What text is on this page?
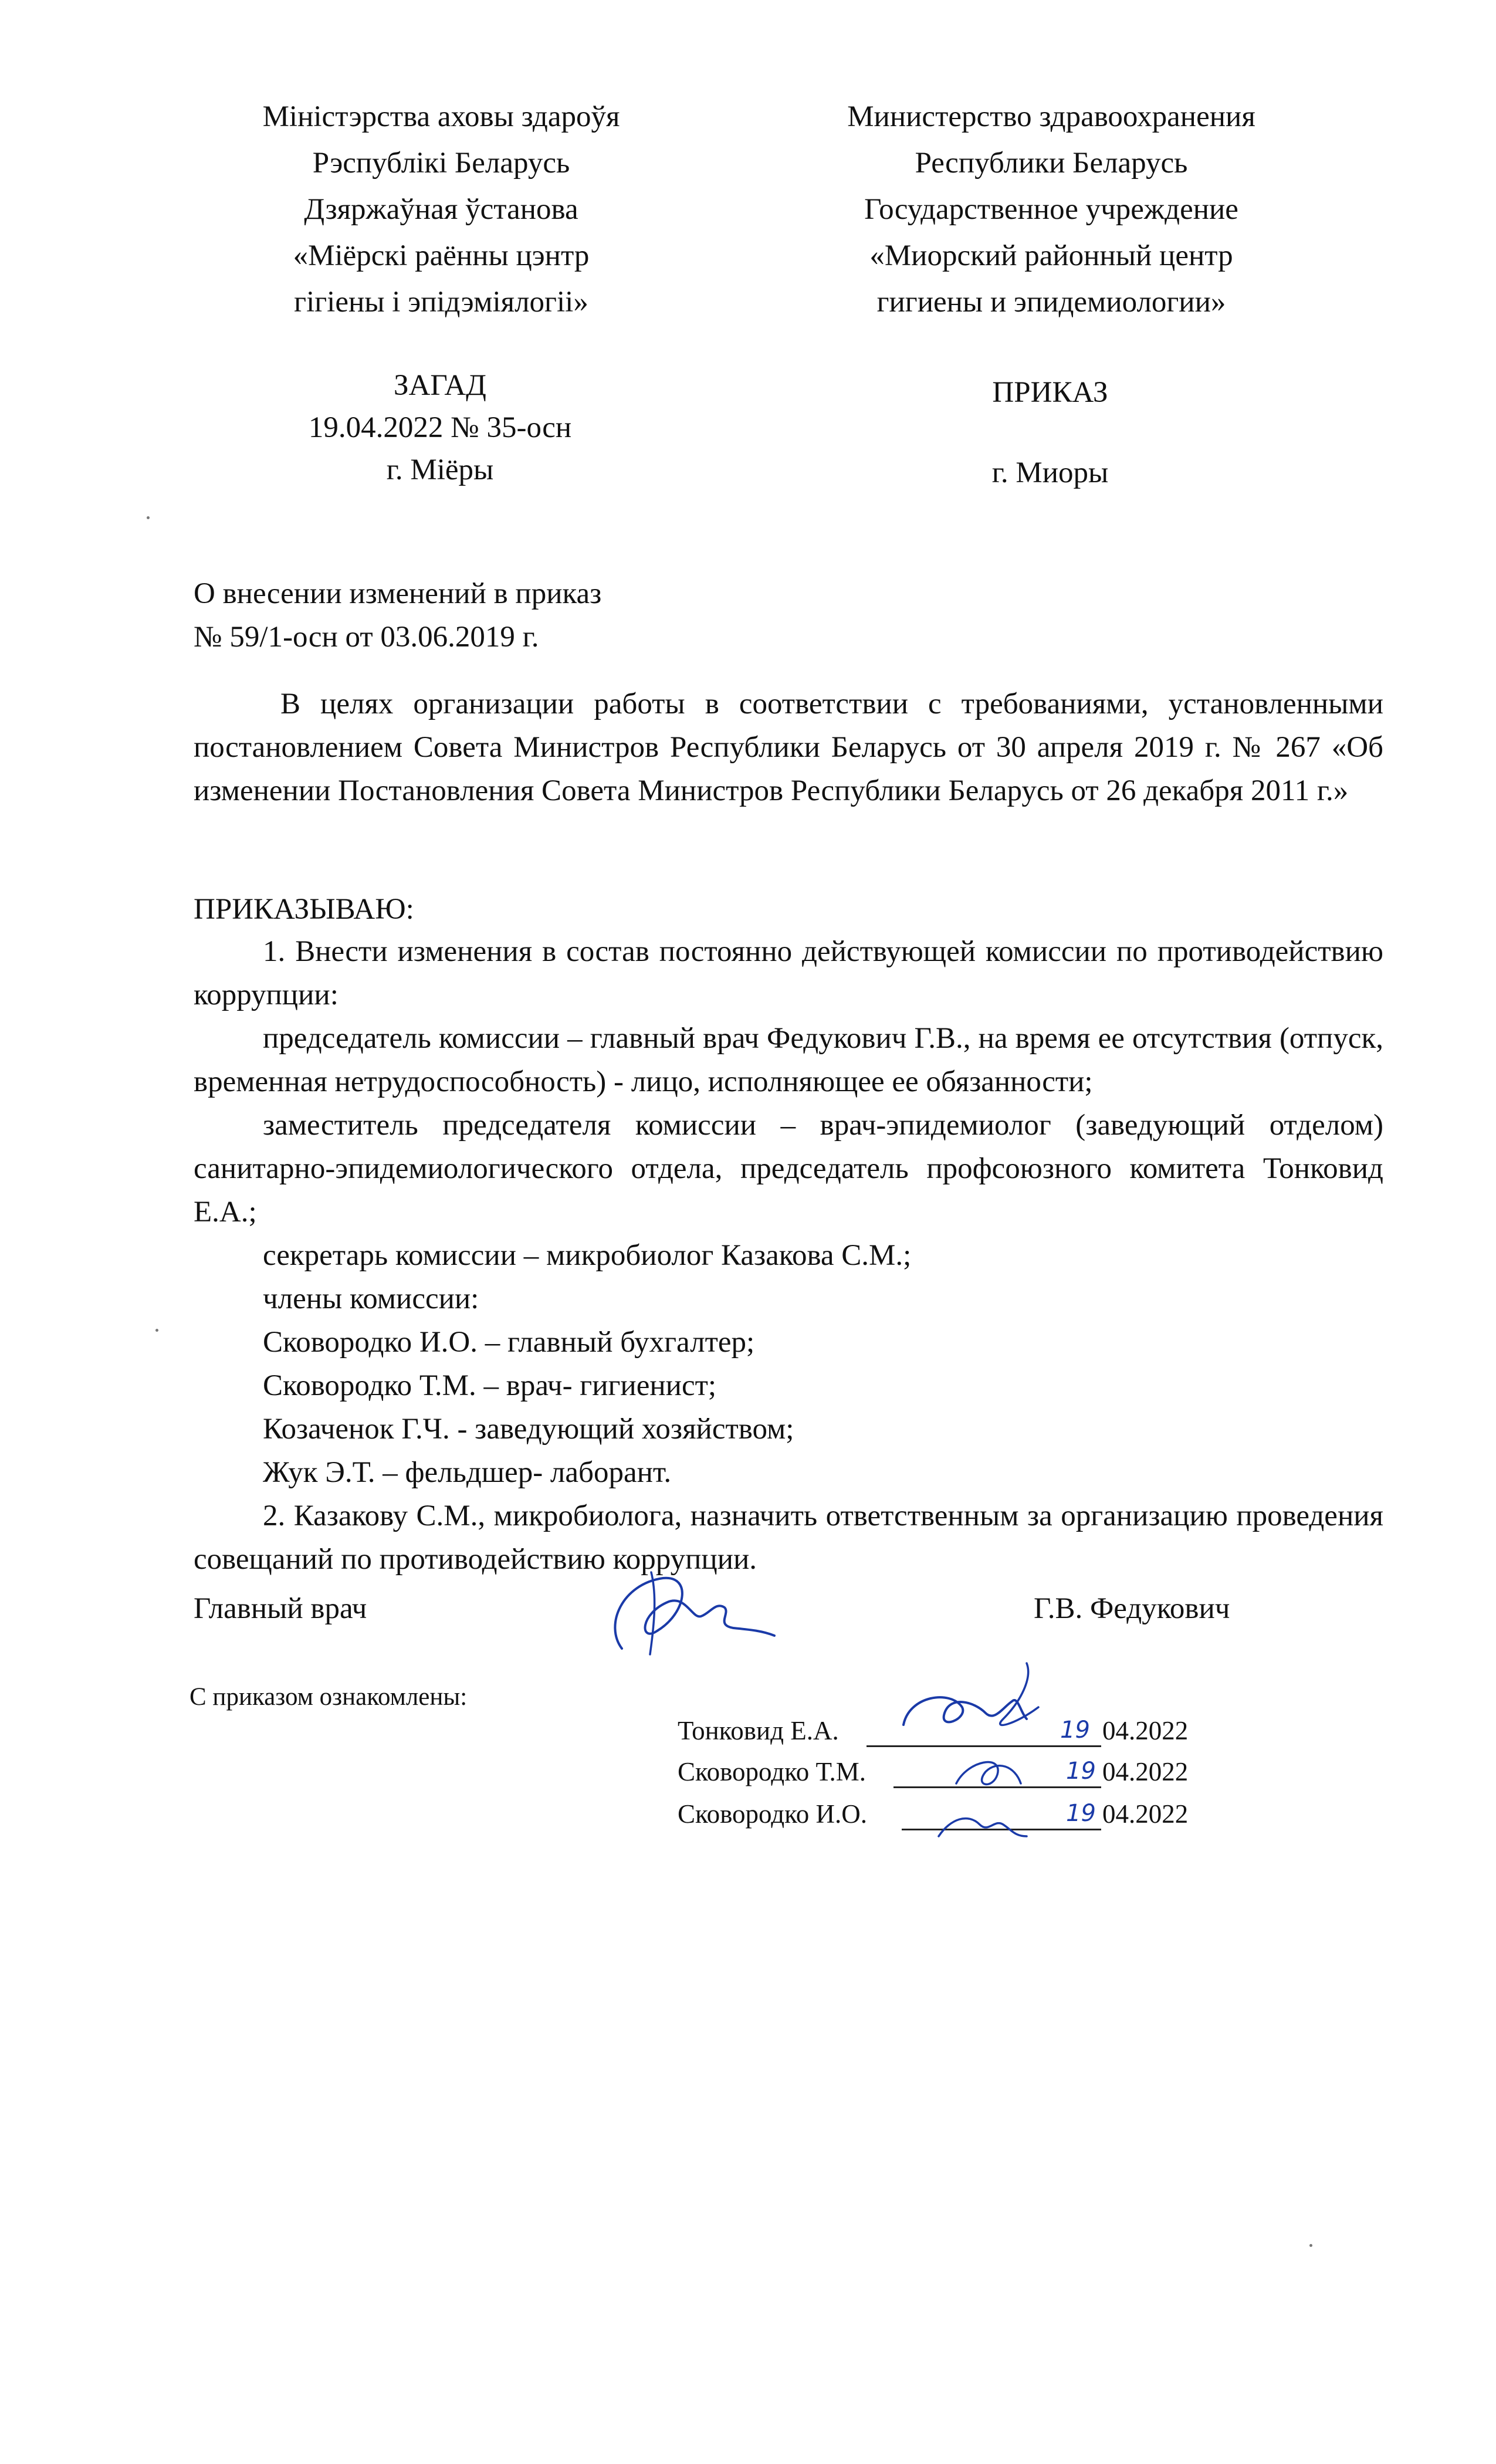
Міністэрства аховы здароўя
Рэспублікі Беларусь
Дзяржаўная ўстанова
«Міёрскі раённы цэнтр
гігіены і эпідэміялогіі»
Министерство здравоохранения
Республики Беларусь
Государственное учреждение
«Миорский районный центр
гигиены и эпидемиологии»
ЗАГАД
19.04.2022 № 35-осн
г. Міёры
ПРИКАЗ
г. Миоры
О внесении изменений в приказ
№ 59/1-осн от 03.06.2019 г.
В целях организации работы в соответствии с требованиями, установленными постановлением Совета Министров Республики Беларусь от 30 апреля 2019 г. № 267 «Об изменении Постановления Совета Министров Республики Беларусь от 26 декабря 2011 г.»
ПРИКАЗЫВАЮ:

1. Внести изменения в состав постоянно действующей комиссии по противодействию коррупции:

председатель комиссии – главный врач Федукович Г.В., на время ее отсутствия (отпуск, временная нетрудоспособность) - лицо, исполняющее ее обязанности;

заместитель председателя комиссии – врач-эпидемиолог (заведующий отделом) санитарно-эпидемиологического отдела, председатель профсоюзного комитета Тонковид Е.А.;

секретарь комиссии – микробиолог Казакова С.М.;

члены комиссии:

Сковородко И.О. – главный бухгалтер;

Сковородко Т.М. – врач- гигиенист;

Козаченок Г.Ч. - заведующий хозяйством;

Жук Э.Т. – фельдшер- лаборант.

2. Казакову С.М., микробиолога, назначить ответственным за организацию проведения совещаний по противодействию коррупции.

Главный врач	Г.В. Федукович
С приказом ознакомлены:
Тонковид Е.А.	19 04.2022
Сковородко Т.М.	19 04.2022
Сковородко И.О.	19 04.2022
